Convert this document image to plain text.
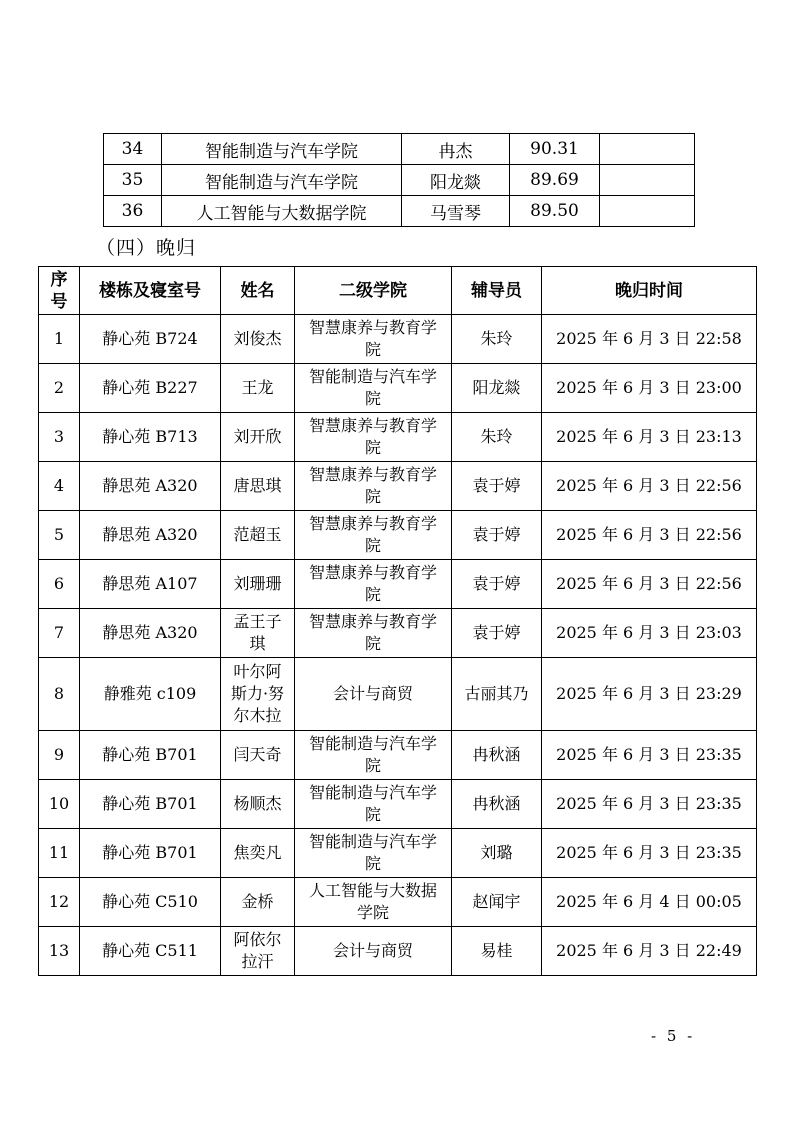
34	智能制造与汽车学院	冉杰	90.31	
35	智能制造与汽车学院	阳龙燚	89.69	
36	人工智能与大数据学院	马雪琴	89.50	
（四）晚归
序号	楼栋及寝室号	姓名	二级学院	辅导员	晚归时间
1	静心苑 B724	刘俊杰	智慧康养与教育学院	朱玲	2025 年 6 月 3 日 22:58
2	静心苑 B227	王龙	智能制造与汽车学院	阳龙燚	2025 年 6 月 3 日 23:00
3	静心苑 B713	刘开欣	智慧康养与教育学院	朱玲	2025 年 6 月 3 日 23:13
4	静思苑 A320	唐思琪	智慧康养与教育学院	袁于婷	2025 年 6 月 3 日 22:56
5	静思苑 A320	范超玉	智慧康养与教育学院	袁于婷	2025 年 6 月 3 日 22:56
6	静思苑 A107	刘珊珊	智慧康养与教育学院	袁于婷	2025 年 6 月 3 日 22:56
7	静思苑 A320	孟王子琪	智慧康养与教育学院	袁于婷	2025 年 6 月 3 日 23:03
8	静雅苑 c109	叶尔阿斯力·努尔木拉	会计与商贸	古丽其乃	2025 年 6 月 3 日 23:29
9	静心苑 B701	闫天奇	智能制造与汽车学院	冉秋涵	2025 年 6 月 3 日 23:35
10	静心苑 B701	杨顺杰	智能制造与汽车学院	冉秋涵	2025 年 6 月 3 日 23:35
11	静心苑 B701	焦奕凡	智能制造与汽车学院	刘璐	2025 年 6 月 3 日 23:35
12	静心苑 C510	金桥	人工智能与大数据学院	赵闻宇	2025 年 6 月 4 日 00:05
13	静心苑 C511	阿依尔拉汗	会计与商贸	易桂	2025 年 6 月 3 日 22:49
- 5 -
